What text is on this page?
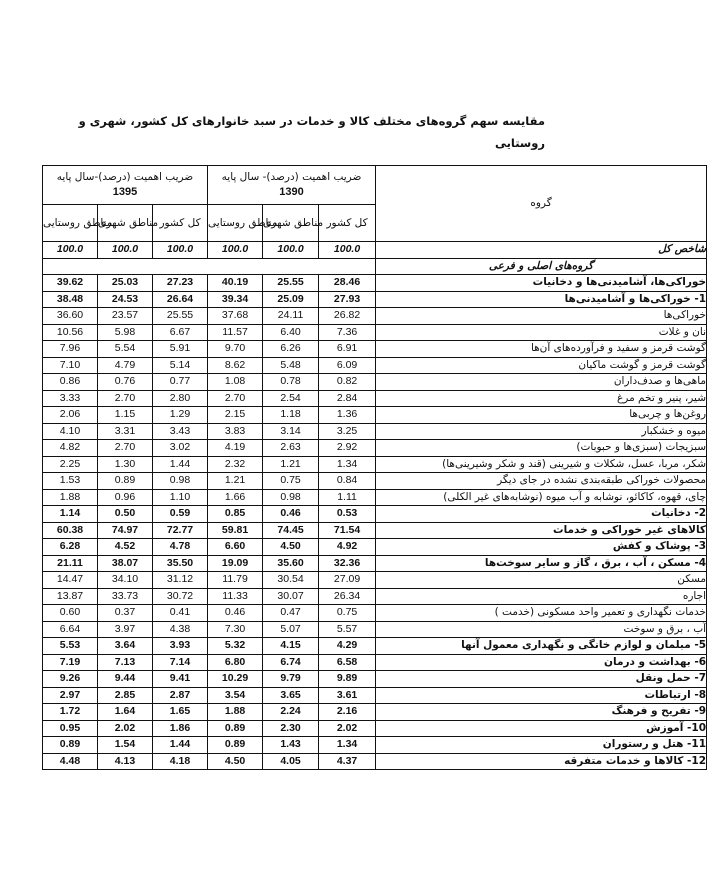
مقایسه سهم گروه‌های مختلف کالا و خدمات در سبد خانوارهای کل کشور، شهری و روستایی
ضریب اهمیت (درصد)-سال پایه
1395			ضریب اهمیت (درصد)- سال پایه
1390			گروه
مناطق روستایی	مناطق شهری	کل کشور	مناطق روستایی	مناطق شهری	کل کشور	
100.0	100.0	100.0	100.0	100.0	100.0	شاخص کل
						گروه‌های اصلی و فرعی
39.62	25.03	27.23	40.19	25.55	28.46	خوراکی‌ها، آشامیدنی‌ها و دخانیات
38.48	24.53	26.64	39.34	25.09	27.93	1- خوراکی‌ها و آشامیدنی‌ها
36.60	23.57	25.55	37.68	24.11	26.82	خوراکی‌ها
10.56	5.98	6.67	11.57	6.40	7.36	نان و غلات
7.96	5.54	5.91	9.70	6.26	6.91	گوشت قرمز و سفید و فرآورده‌های آن‌ها
7.10	4.79	5.14	8.62	5.48	6.09	گوشت قرمز و گوشت ماکیان
0.86	0.76	0.77	1.08	0.78	0.82	ماهی‌ها و صدف‌داران
3.33	2.70	2.80	2.70	2.54	2.84	شیر، پنیر و تخم مرغ
2.06	1.15	1.29	2.15	1.18	1.36	روغن‌ها و چربی‌ها
4.10	3.31	3.43	3.83	3.14	3.25	میوه و خشکبار
4.82	2.70	3.02	4.19	2.63	2.92	سبزیجات (سبزی‌ها و حبوبات)
2.25	1.30	1.44	2.32	1.21	1.34	شکر، مربا، عسل، شکلات و شیرینی (قند و شکر وشیرینی‌ها)
1.53	0.89	0.98	1.21	0.75	0.84	محصولات خوراکی طبقه‌بندی نشده در جای دیگر
1.88	0.96	1.10	1.66	0.98	1.11	چای، قهوه، کاکائو، نوشابه و آب میوه (نوشابه‌های غیر الکلی)
1.14	0.50	0.59	0.85	0.46	0.53	2- دخانیات
60.38	74.97	72.77	59.81	74.45	71.54	کالاهای غیر خوراکی و خدمات
6.28	4.52	4.78	6.60	4.50	4.92	3- پوشاک و کفش
21.11	38.07	35.50	19.09	35.60	32.36	4- مسکن ، آب ، برق ، گاز و سایر سوخت‌ها
14.47	34.10	31.12	11.79	30.54	27.09	مسکن
13.87	33.73	30.72	11.33	30.07	26.34	اجاره
0.60	0.37	0.41	0.46	0.47	0.75	خدمات نگهداری و تعمیر واحد مسکونی (خدمت )
6.64	3.97	4.38	7.30	5.07	5.57	آب ، برق و سوخت
5.53	3.64	3.93	5.32	4.15	4.29	5- مبلمان و لوازم خانگی و نگهداری معمول آنها
7.19	7.13	7.14	6.80	6.74	6.58	6- بهداشت و درمان
9.26	9.44	9.41	10.29	9.79	9.89	7- حمل ونقل
2.97	2.85	2.87	3.54	3.65	3.61	8- ارتباطات
1.72	1.64	1.65	1.88	2.24	2.16	9- تفریح و فرهنگ
0.95	2.02	1.86	0.89	2.30	2.02	10- آموزش
0.89	1.54	1.44	0.89	1.43	1.34	11- هتل و رستوران
4.48	4.13	4.18	4.50	4.05	4.37	12- کالاها و خدمات متفرقه
